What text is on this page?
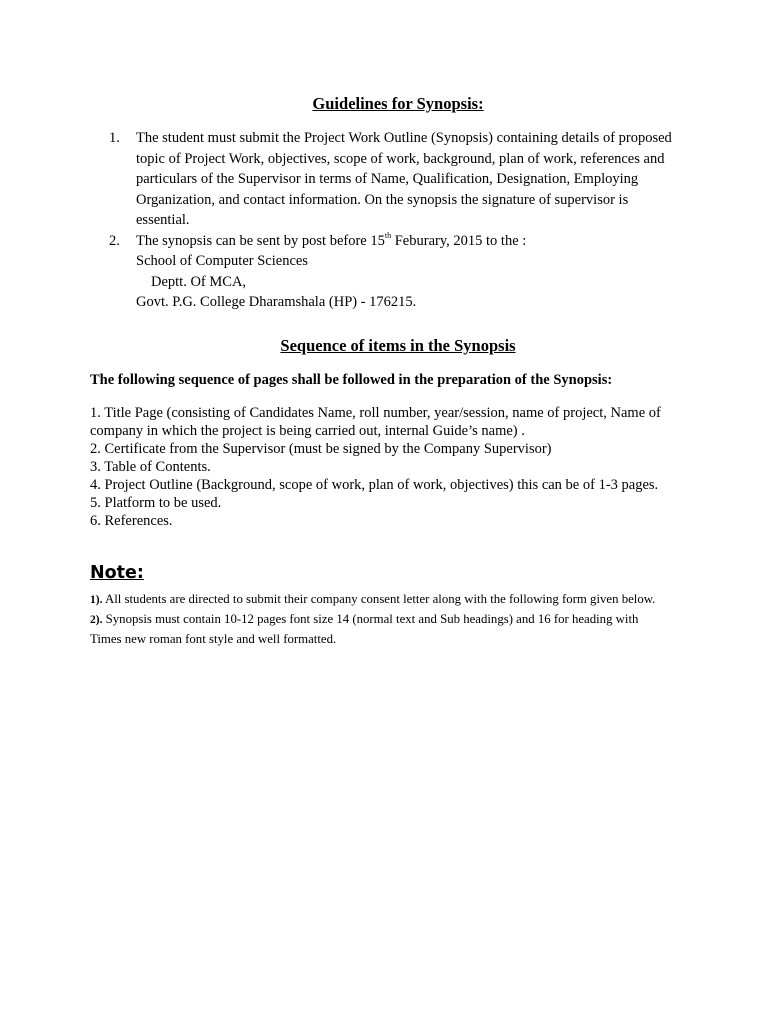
Guidelines for Synopsis:
1. The student must submit the Project Work Outline (Synopsis) containing details of proposed
topic of Project Work, objectives, scope of work, background, plan of work, references and
particulars of the Supervisor in terms of Name, Qualification, Designation, Employing
Organization, and contact information. On the synopsis the signature of supervisor is
essential.
2. The synopsis can be sent by post before 15th Feburary, 2015 to the :
School of Computer Sciences
Deptt. Of MCA,
Govt. P.G. College Dharamshala (HP) - 176215.
Sequence of items in the Synopsis
The following sequence of pages shall be followed in the preparation of the Synopsis:
1. Title Page (consisting of Candidates Name, roll number, year/session, name of project, Name of
company in which the project is being carried out, internal Guide’s name) .
2. Certificate from the Supervisor (must be signed by the Company Supervisor)
3. Table of Contents.
4. Project Outline (Background, scope of work, plan of work, objectives) this can be of 1-3 pages.
5. Platform to be used.
6. References.
Note:
1). All students are directed to submit their company consent letter along with the following form given below.
2). Synopsis must contain 10-12 pages font size 14 (normal text and Sub headings) and 16 for heading with
Times new roman font style and well formatted.
